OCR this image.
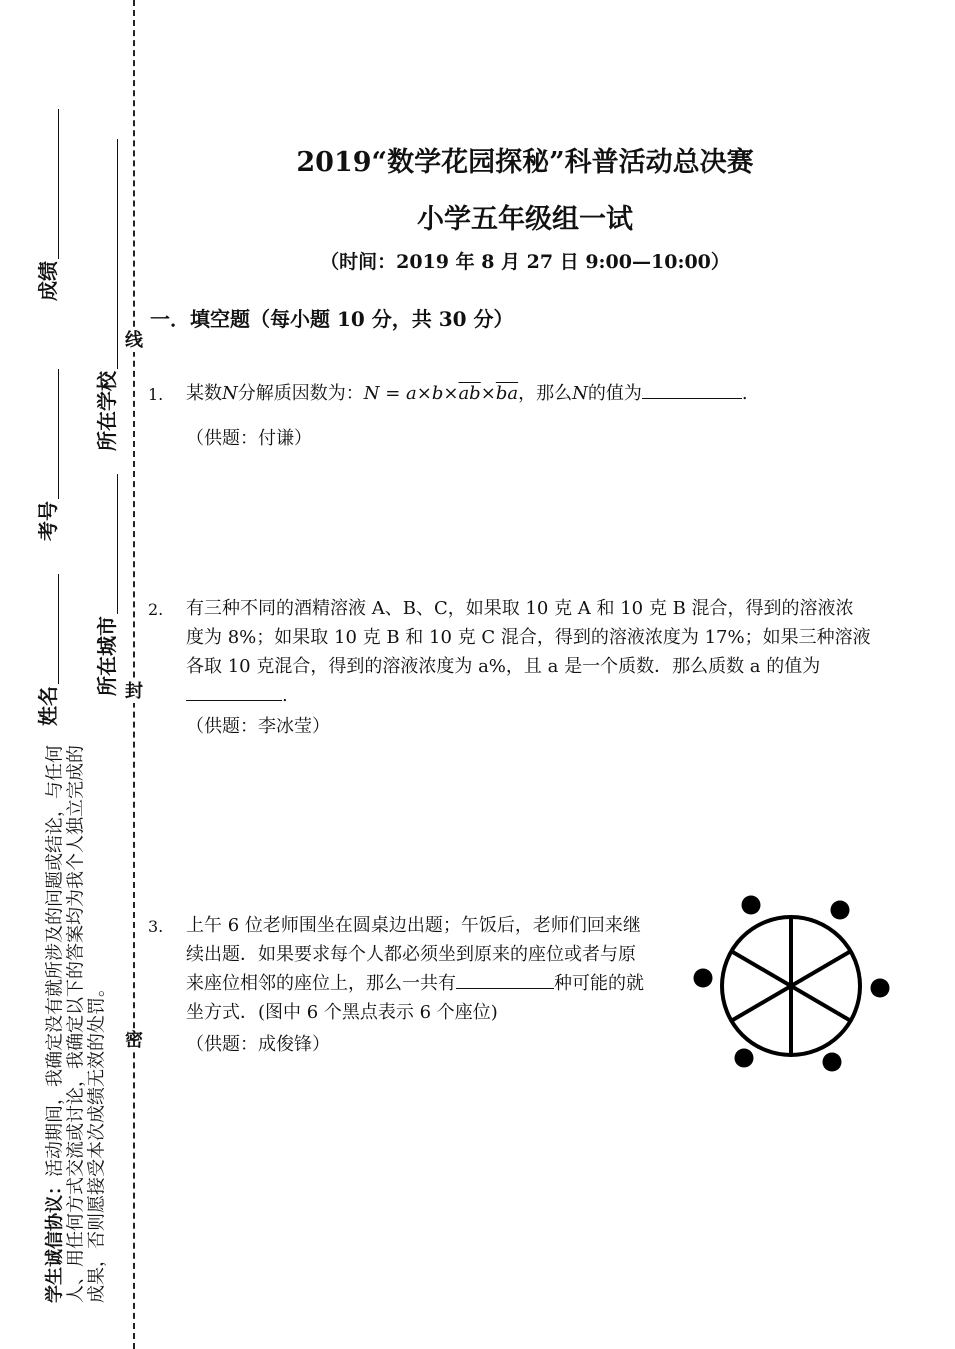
线
封
密
成绩
考号
姓名
所在学校
所在城市
学生诚信协议：活动期间，我确定没有就所涉及的问题或结论，与任何人、用任何方式交流或讨论，我确定以下的答案均为我个人独立完成的成果，否则愿接受本次成绩无效的处罚。
2019“数学花园探秘”科普活动总决赛
小学五年级组一试
（时间：2019 年 8 月 27 日 9:00—10:00）
一．填空题（每小题 10 分，共 30 分）
1. 某数N分解质因数为：$N = a\times b\times\overline{ab}\times\overline{ba}$，那么N的值为	.
（供题：付谦）
2. 有三种不同的酒精溶液 A、B、C，如果取 10 克 A 和 10 克 B 混合，得到的溶液浓
度为 8%；如果取 10 克 B 和 10 克 C 混合，得到的溶液浓度为 17%；如果三种溶液
各取 10 克混合，得到的溶液浓度为 a%，且 a 是一个质数．那么质数 a 的值为
.
（供题：李冰莹）
3. 上午 6 位老师围坐在圆桌边出题；午饭后，老师们回来继
续出题．如果要求每个人都必须坐到原来的座位或者与原
来座位相邻的座位上，那么一共有	种可能的就
坐方式．(图中 6 个黑点表示 6 个座位)
（供题：成俊锋）
